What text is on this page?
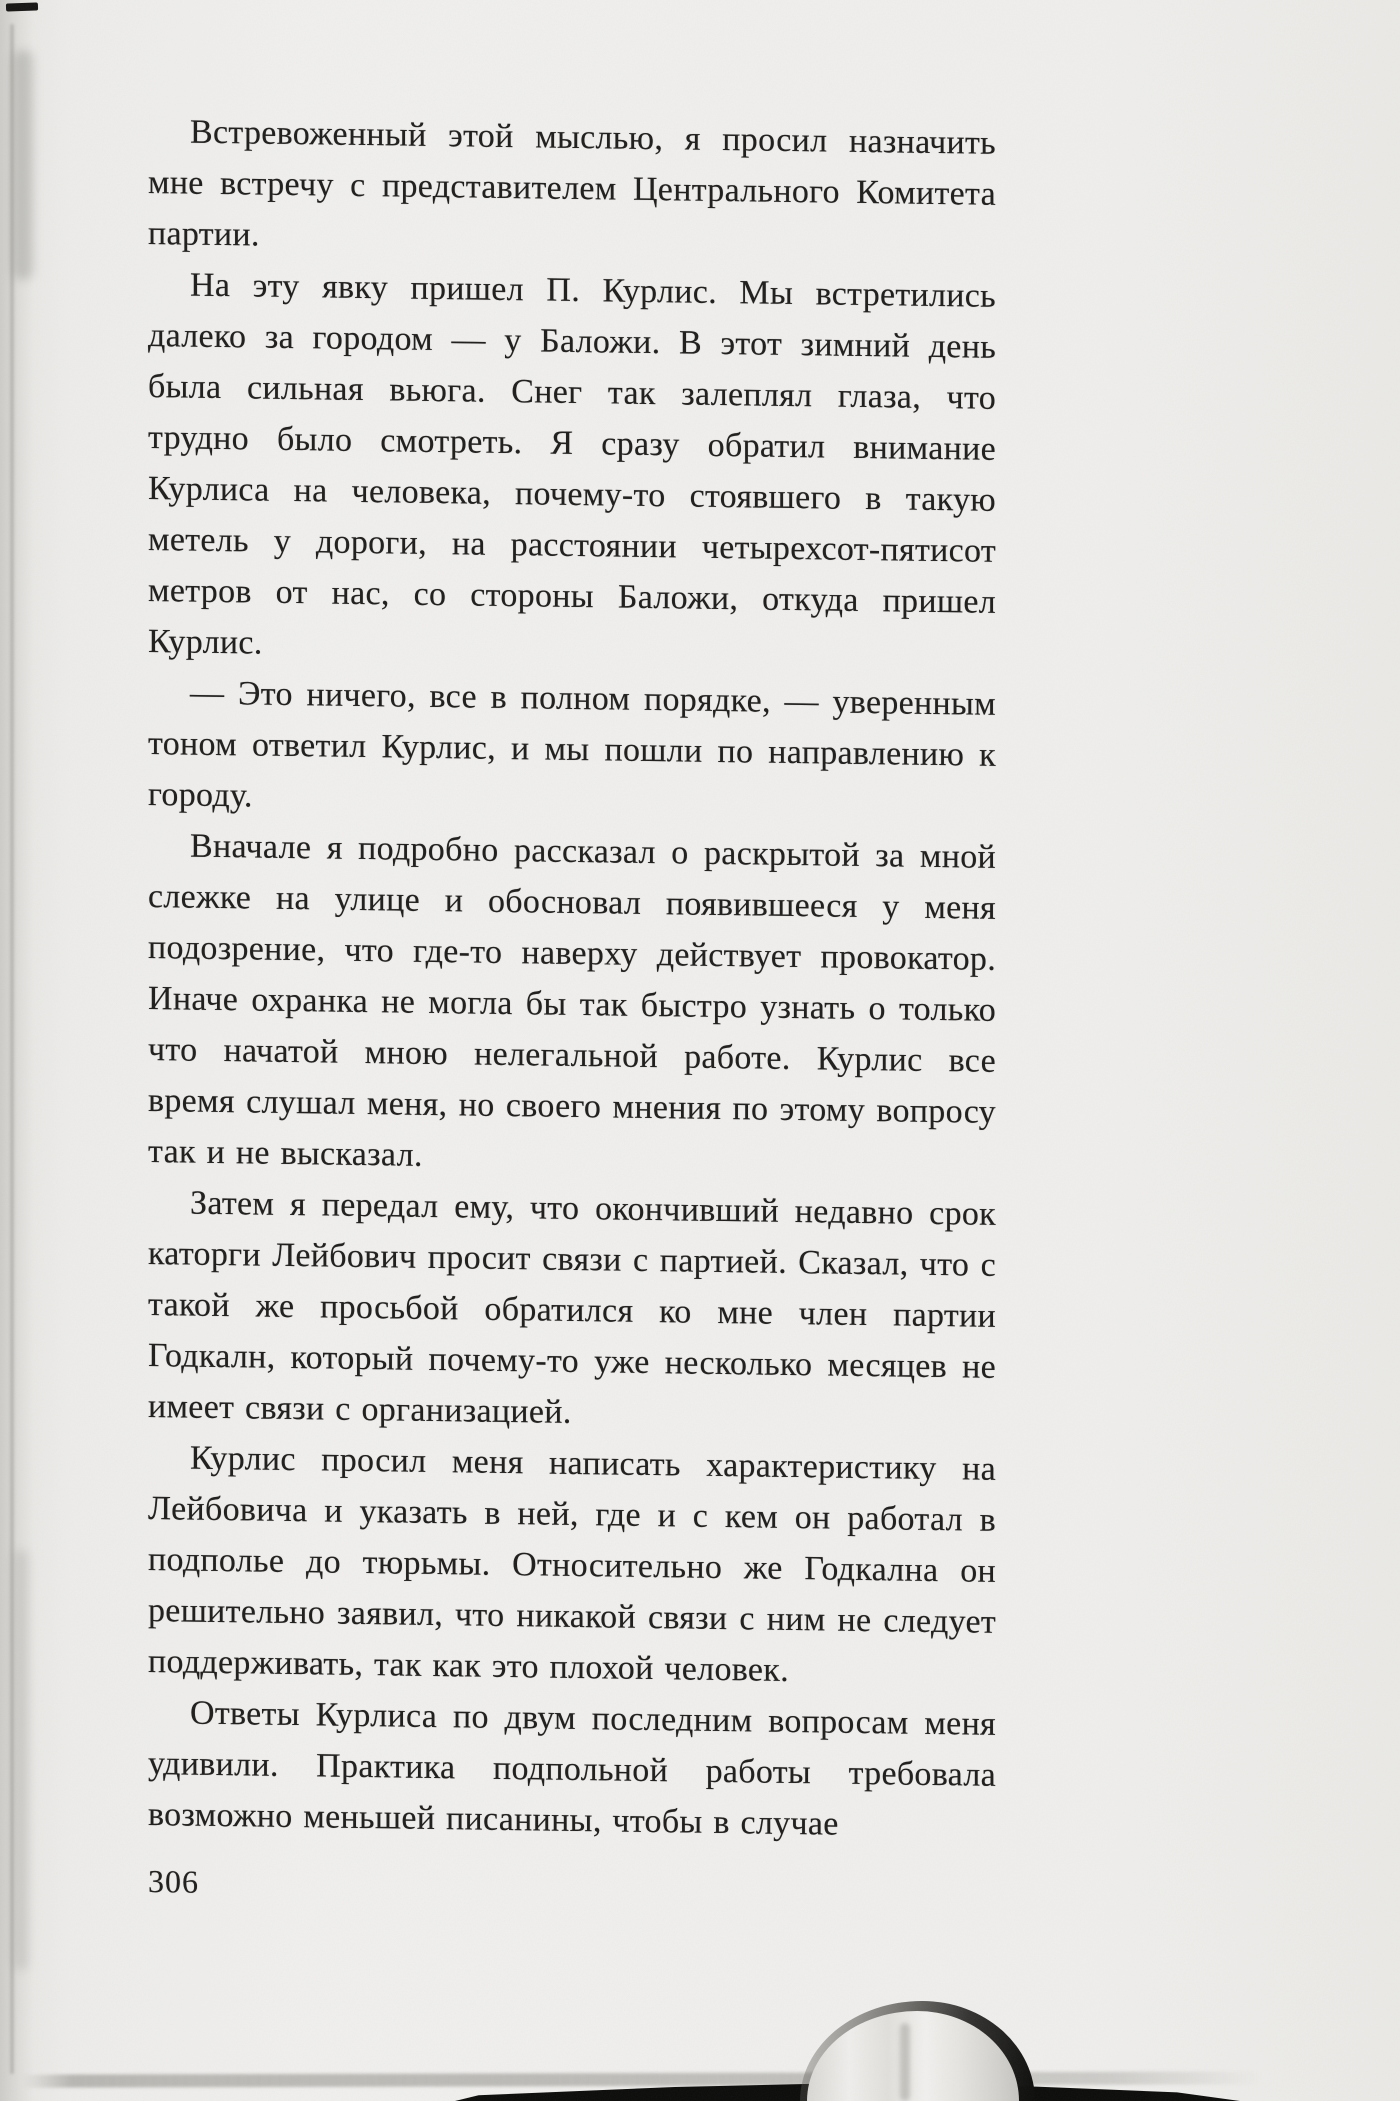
Встревоженный этой мыслью, я просил назначить мне встречу с представителем Центрального Комитета партии.

На эту явку пришел П. Курлис. Мы встретились далеко за городом — у Баложи. В этот зимний день была сильная вьюга. Снег так залеплял глаза, что трудно было смотреть. Я сразу обратил внимание Курлиса на человека, почему-то стоявшего в такую метель у дороги, на расстоянии четырехсот-пятисот метров от нас, со стороны Баложи, откуда пришел Курлис.

— Это ничего, все в полном порядке, — уверенным тоном ответил Курлис, и мы пошли по направлению к городу.

Вначале я подробно рассказал о раскрытой за мной слежке на улице и обосновал появившееся у меня подозрение, что где-то наверху действует провокатор. Иначе охранка не могла бы так быстро узнать о только что начатой мною нелегальной работе. Курлис все время слушал меня, но своего мнения по этому вопросу так и не высказал.

Затем я передал ему, что окончивший недавно срок каторги Лейбович просит связи с партией. Сказал, что с такой же просьбой обратился ко мне член партии Годкалн, который почему-то уже несколько месяцев не имеет связи с организацией.

Курлис просил меня написать характеристику на Лейбовича и указать в ней, где и с кем он работал в подполье до тюрьмы. Относительно же Годкална он решительно заявил, что никакой связи с ним не следует поддерживать, так как это плохой человек.

Ответы Курлиса по двум последним вопросам меня удивили. Практика подпольной работы требовала возможно меньшей писанины, чтобы в случае

306
